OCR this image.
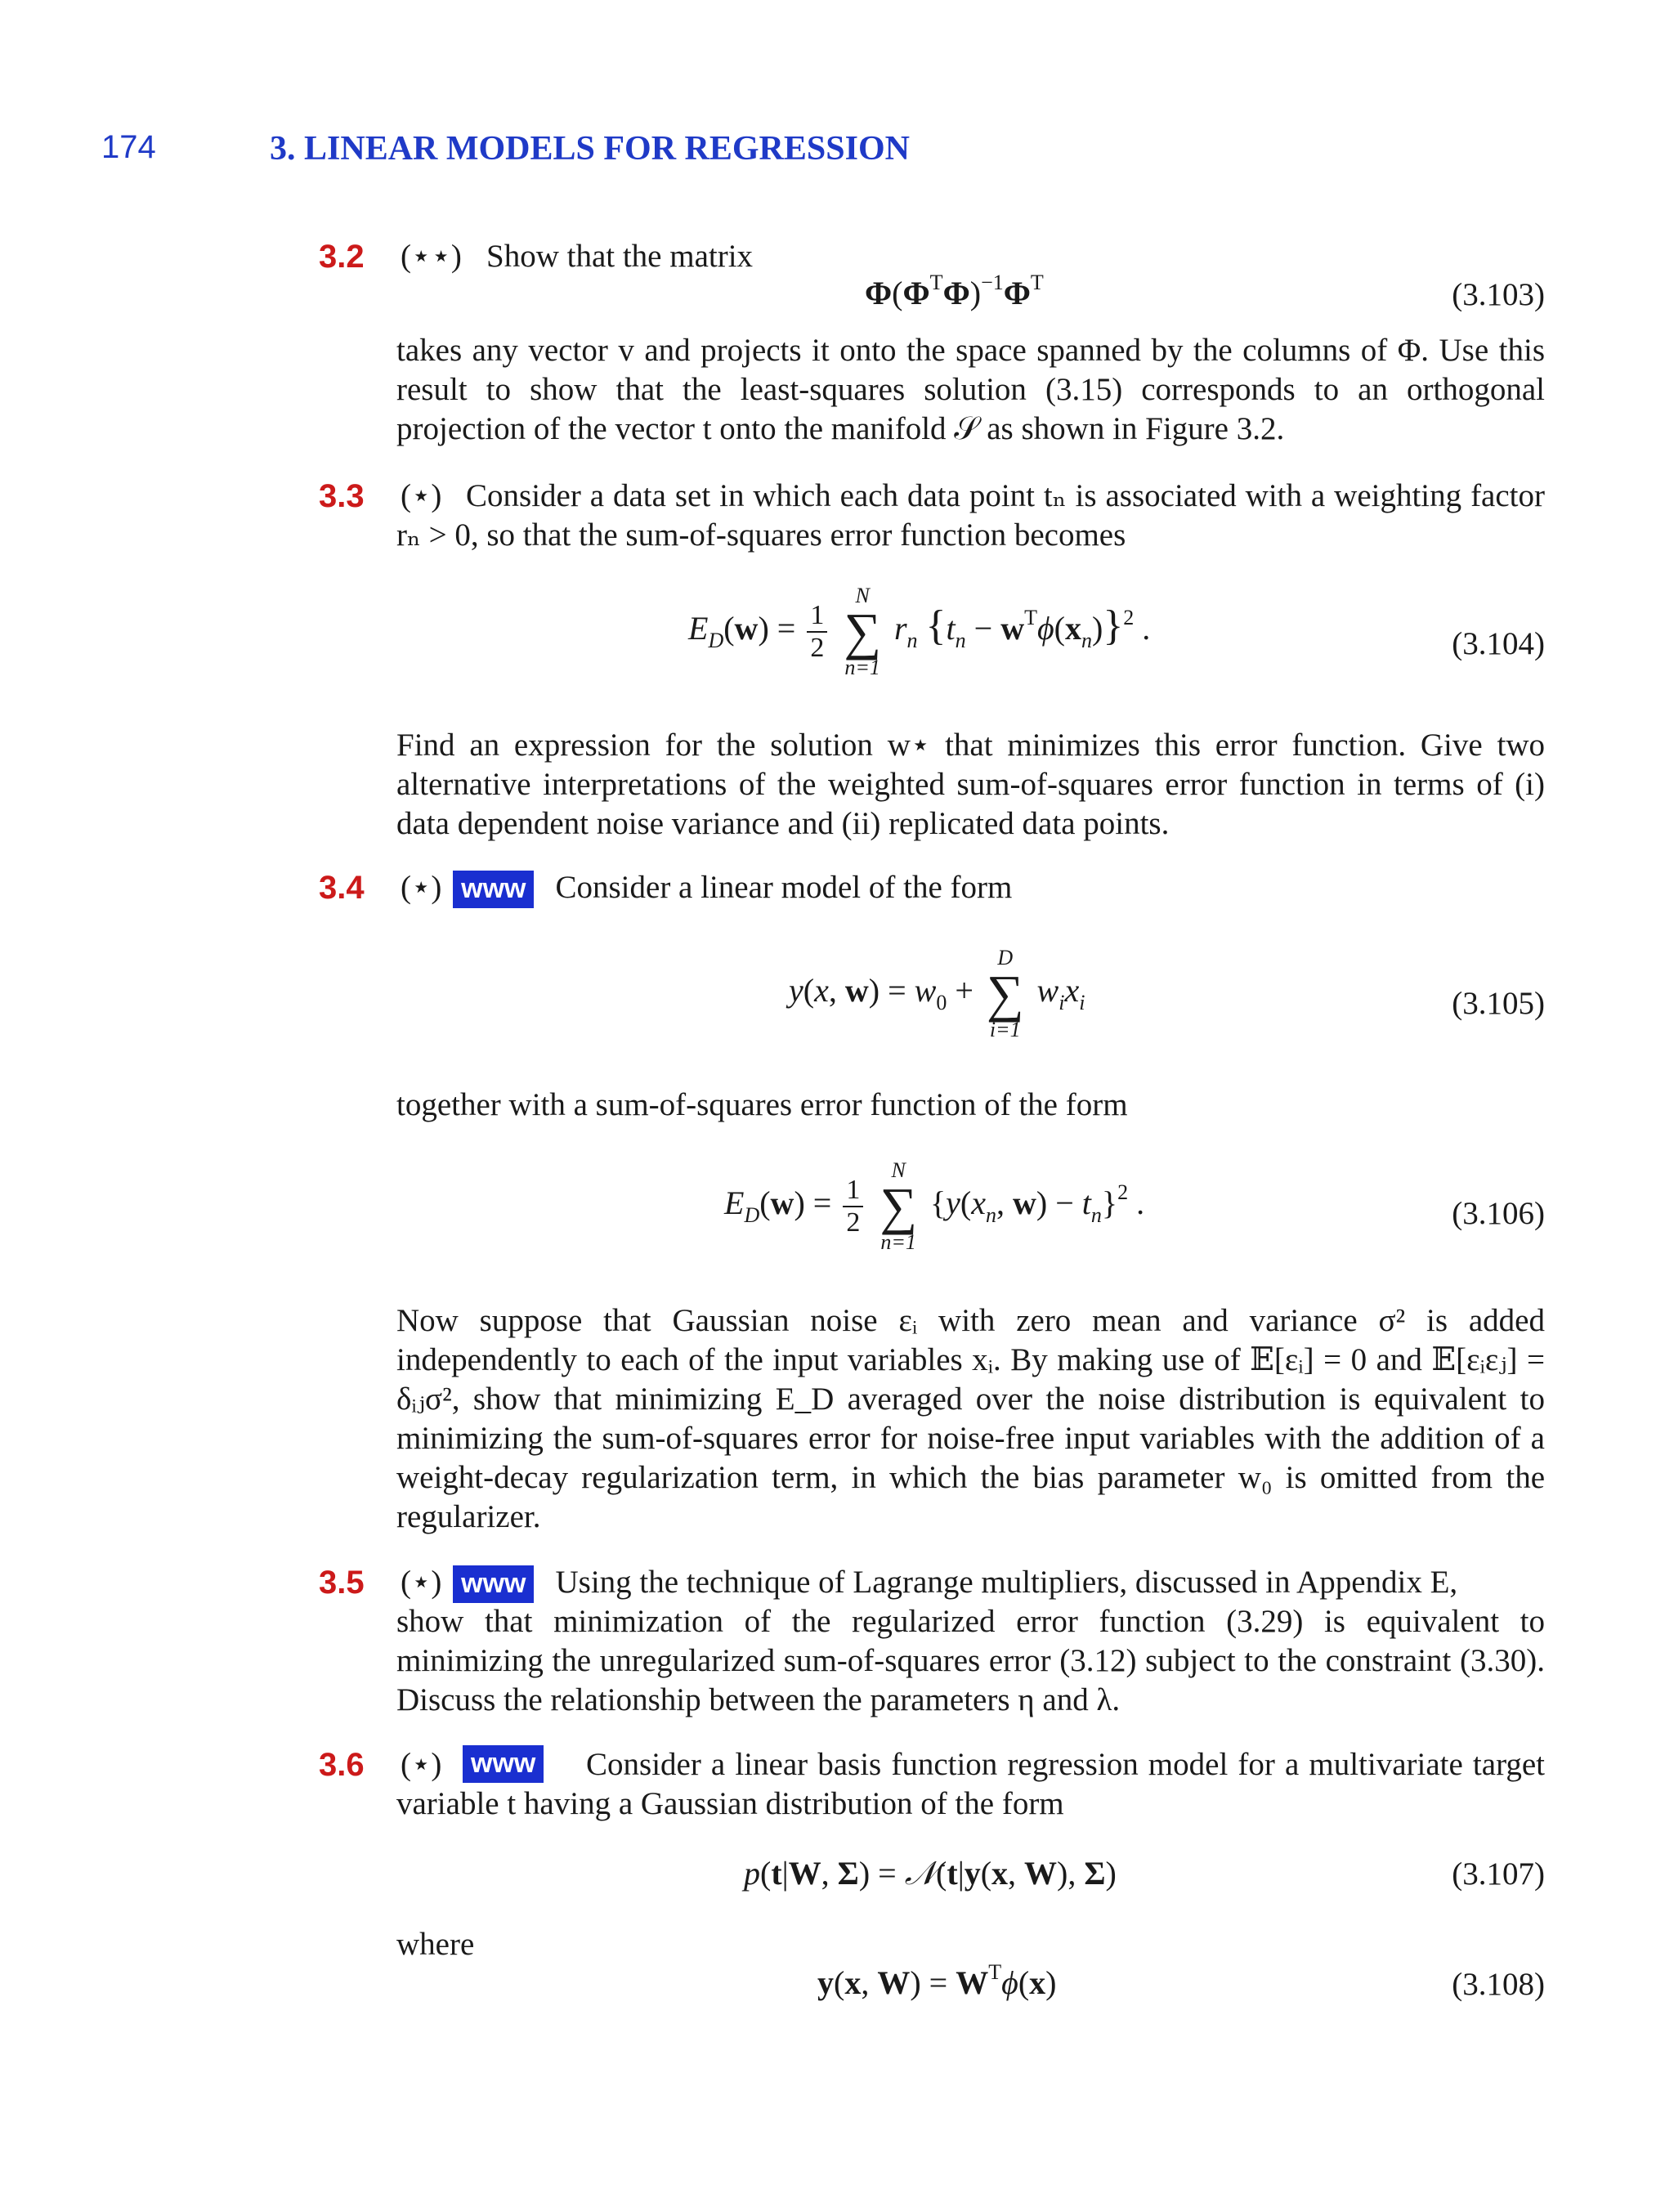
174	3. LINEAR MODELS FOR REGRESSION
3.2 (⋆⋆) Show that the matrix
$\Phi(\Phi^T\Phi)^{-1}\Phi^T$	(3.103)
takes any vector v and projects it onto the space spanned by the columns of Φ. Use this result to show that the least-squares solution (3.15) corresponds to an orthogonal projection of the vector t onto the manifold 𝒮 as shown in Figure 3.2.
3.3 (⋆) Consider a data set in which each data point tₙ is associated with a weighting factor rₙ > 0, so that the sum-of-squares error function becomes
$E_D(w) = \frac{1}{2}$

N
∑
n=1
$r_n$ $\{t_n - w^T\phi(x_n)\}^2$ .	(3.104)
Find an expression for the solution w⋆ that minimizes this error function. Give two alternative interpretations of the weighted sum-of-squares error function in terms of (i) data dependent noise variance and (ii) replicated data points.
3.4 (⋆) www Consider a linear model of the form
y(x, $w) = w_0$ +
D
∑
i=1
$w_ix_i$	(3.105)
together with a sum-of-squares error function of the form
$E_D(w) = \frac{1}{2}$

N
∑
n=1
{$y(x_n$, $w) - t_n\}^2$ .	(3.106)
Now suppose that Gaussian noise εᵢ with zero mean and variance σ² is added independently to each of the input variables xᵢ. By making use of 𝔼[εᵢ] = 0 and 𝔼[εᵢεⱼ] = δᵢⱼσ², show that minimizing E_D averaged over the noise distribution is equivalent to minimizing the sum-of-squares error for noise-free input variables with the addition of a weight-decay regularization term, in which the bias parameter w₀ is omitted from the regularizer.
3.5 (⋆) www Using the technique of Lagrange multipliers, discussed in Appendix E,
show that minimization of the regularized error function (3.29) is equivalent to minimizing the unregularized sum-of-squares error (3.12) subject to the constraint (3.30). Discuss the relationship between the parameters η and λ.
3.6 (⋆) www	Consider a linear basis function regression model for a multivariate target variable t having a Gaussian distribution of the form
p(t|W, Σ) = 𝒩(t|y(x, W), Σ)	(3.107)
where
y(x, $W) = W^T\phi(x)$	(3.108)
